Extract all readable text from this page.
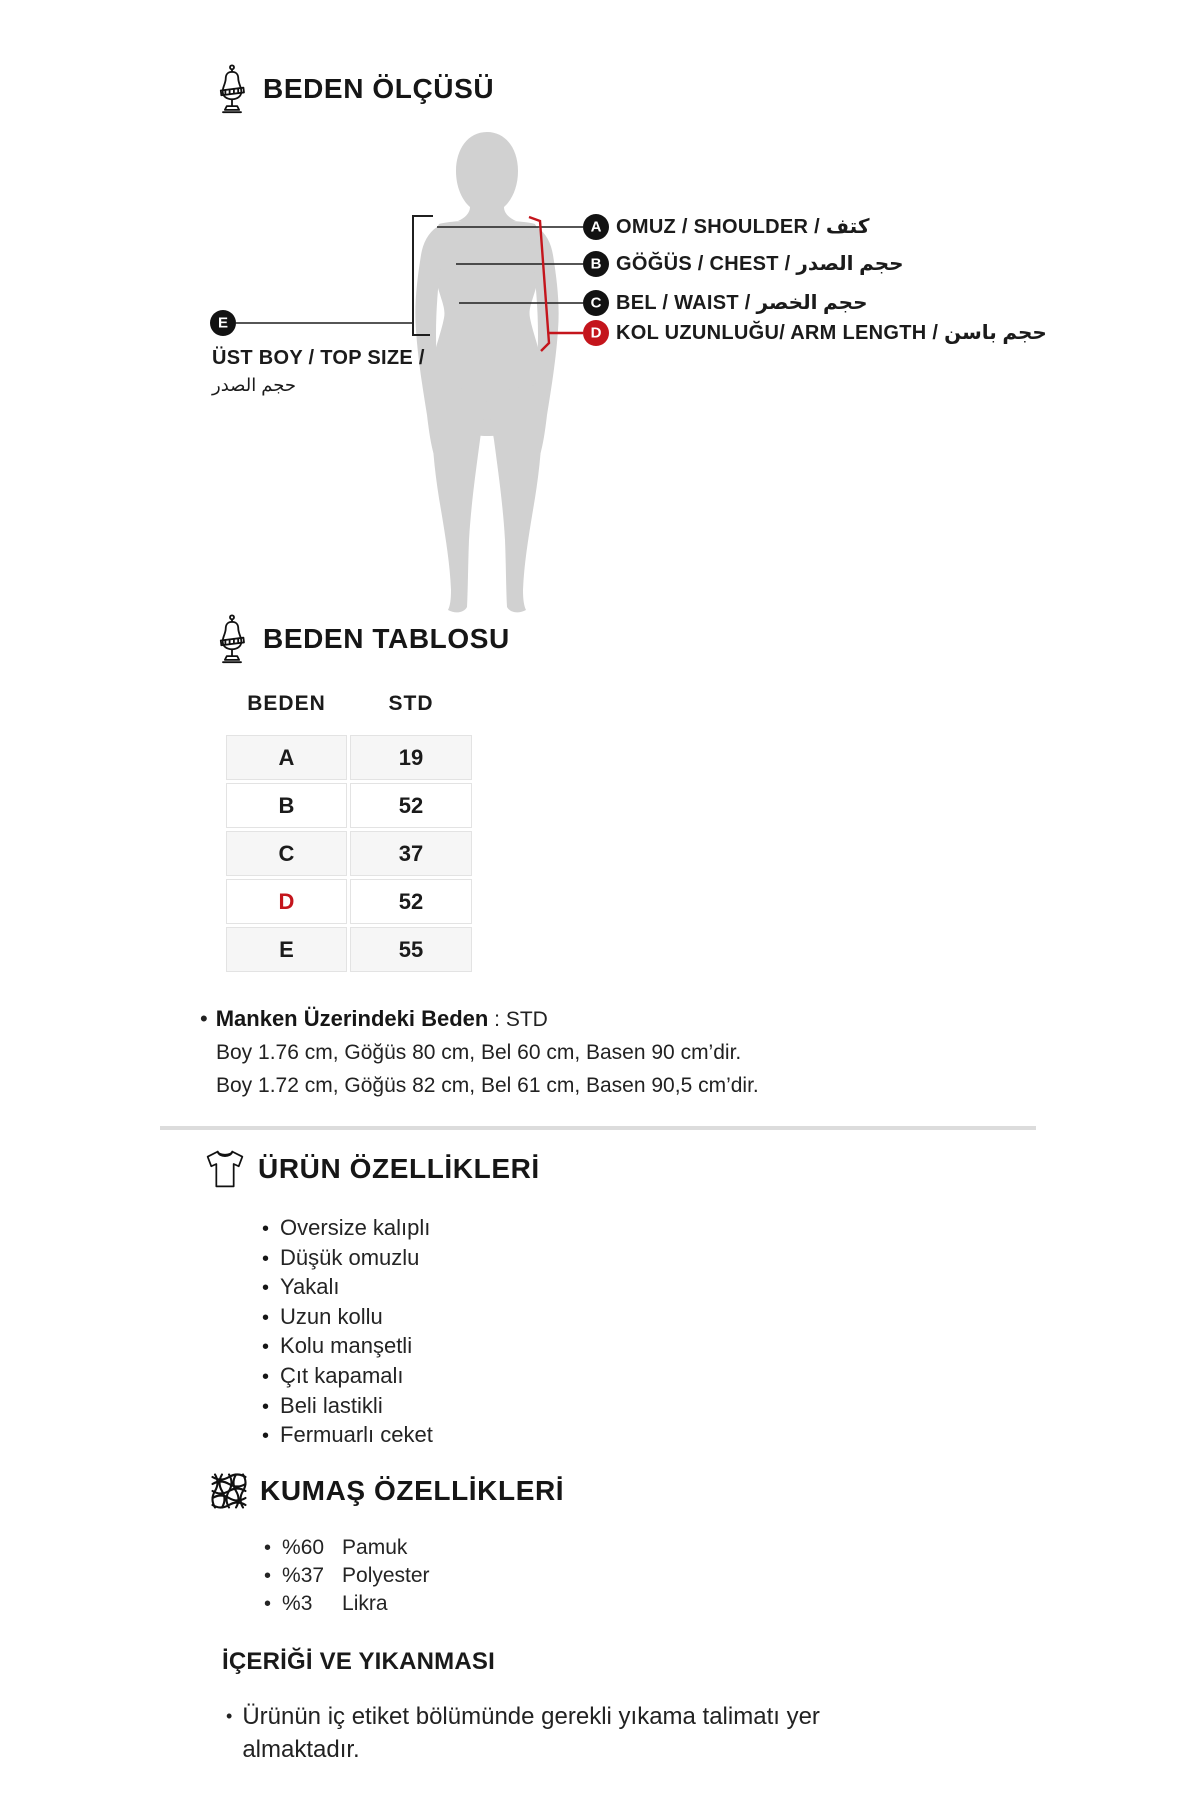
BEDEN ÖLÇÜSÜ
A
B
C
D
E
OMUZ / SHOULDER / كتف
GÖĞÜS / CHEST / حجم الصدر
BEL / WAIST / حجم الخصر
KOL UZUNLUĞU/ ARM LENGTH / حجم باسن
ÜST BOY / TOP SIZE /
حجم الصدر
BEDEN TABLOSU
BEDEN	STD
A	19
B	52
C	37
D	52
E	55
• Manken Üzerindeki Beden : STD
Boy 1.76 cm, Göğüs 80 cm, Bel 60 cm, Basen 90 cm’dir.
Boy 1.72 cm, Göğüs 82 cm, Bel 61 cm, Basen 90,5 cm’dir.
ÜRÜN ÖZELLİKLERİ
• Oversize kalıplı
• Düşük omuzlu
• Yakalı
• Uzun kollu
• Kolu manşetli
• Çıt kapamalı
• Beli lastikli
• Fermuarlı ceket
KUMAŞ ÖZELLİKLERİ
• %60 Pamuk
• %37 Polyester
• %3	Likra
İÇERİĞİ VE YIKANMASI
• Ürünün iç etiket bölümünde gerekli yıkama talimatı yer almaktadır.
